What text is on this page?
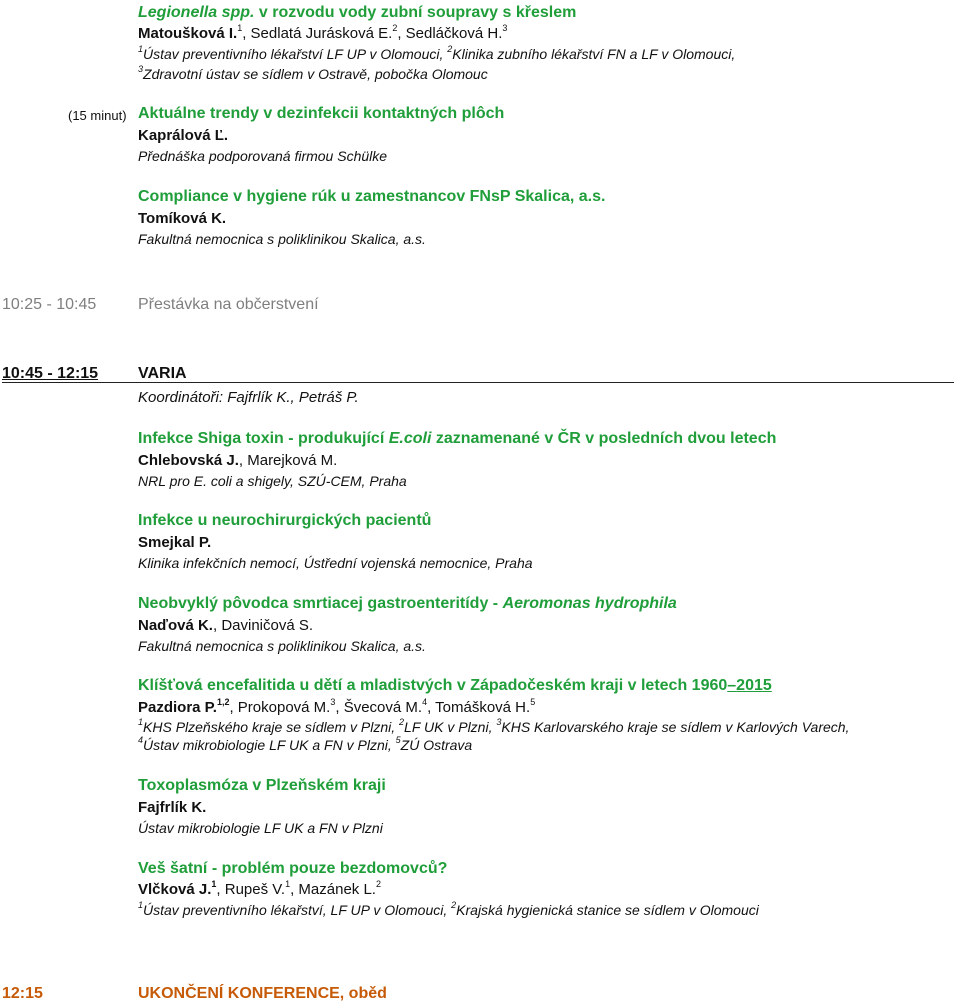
Legionella spp. v rozvodu vody zubní soupravy s křeslem
Matoušková I.$^1$, Sedlatá Jurásková E.$^2$, Sedláčková H.$^3$
$^1$Ústav preventivního lékařství LF UP v Olomouci, $^2$Klinika zubního lékařství FN a LF v Olomouci,
$^3$Zdravotní ústav se sídlem v Ostravě, pobočka Olomouc
(15 minut) Aktuálne trendy v dezinfekcii kontaktných plôch
Kaprálová Ľ.
Přednáška podporovaná firmou Schülke
Compliance v hygiene rúk u zamestnancov FNsP Skalica, a.s.
Tomíková K.
Fakultná nemocnica s poliklinikou Skalica, a.s.
10:25 - 10:45	Přestávka na občerstvení
10:45 - 12:15 VARIA
Koordinátoři: Fajfrlík K., Petráš P.
Infekce Shiga toxin - produkující E.coli zaznamenané v ČR v posledních dvou letech
Chlebovská J., Marejková M.
NRL pro E. coli a shigely, SZÚ-CEM, Praha
Infekce u neurochirurgických pacientů
Smejkal P.
Klinika infekčních nemocí, Ústřední vojenská nemocnice, Praha
Neobvyklý pôvodca smrtiacej gastroenteritídy - Aeromonas hydrophila
Naďová K., Daviničová S.
Fakultná nemocnica s poliklinikou Skalica, a.s.
Klíšťová encefalitida u dětí a mladistvých v Západočeském kraji v letech 1960–2015
Pazdiora P.$^{1,2}$, Prokopová M.$^3$, Švecová M.$^4$, Tomášková H.$^5$
$^1$KHS Plzeňského kraje se sídlem v Plzni, $^2$LF UK v Plzni, $^3$KHS Karlovarského kraje se sídlem v Karlových Varech,
$^4$Ústav mikrobiologie LF UK a FN v Plzni, $^5$ZÚ Ostrava
Toxoplasmóza v Plzeňském kraji
Fajfrlík K.
Ústav mikrobiologie LF UK a FN v Plzni
Veš šatní - problém pouze bezdomovců?
Vlčková J.$^1$, Rupeš V.$^1$, Mazánek L.$^2$
$^1$Ústav preventivního lékařství, LF UP v Olomouci, $^2$Krajská hygienická stanice se sídlem v Olomouci
12:15	UKONČENÍ KONFERENCE, oběd
